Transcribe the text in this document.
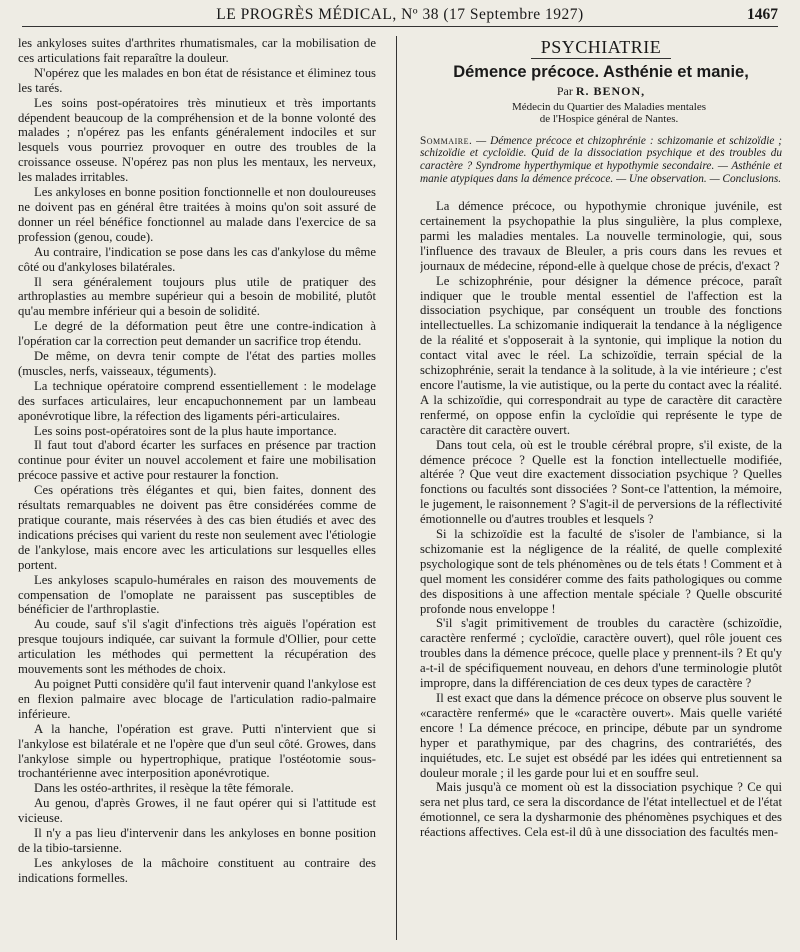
LE PROGRÈS MÉDICAL, Nº 38 (17 Septembre 1927)	1467

les ankyloses suites d'arthrites rhumatismales, car la mobilisation de ces articulations fait reparaître la douleur.

N'opérez que les malades en bon état de résistance et éliminez tous les tarés.

Les soins post-opératoires très minutieux et très importants dépendent beaucoup de la compréhension et de la bonne volonté des malades ; n'opérez pas les enfants généralement indociles et sur lesquels vous pourriez provoquer en outre des troubles de la croissance osseuse. N'opérez pas non plus les mentaux, les nerveux, les malades irritables.

Les ankyloses en bonne position fonctionnelle et non douloureuses ne doivent pas en général être traitées à moins qu'on soit assuré de donner un réel bénéfice fonctionnel au malade dans l'exercice de sa profession (genou, coude).

Au contraire, l'indication se pose dans les cas d'ankylose du même côté ou d'ankyloses bilatérales.

Il sera généralement toujours plus utile de pratiquer des arthroplasties au membre supérieur qui a besoin de mobilité, plutôt qu'au membre inférieur qui a besoin de solidité.

Le degré de la déformation peut être une contre-indication à l'opération car la correction peut demander un sacrifice trop étendu.

De même, on devra tenir compte de l'état des parties molles (muscles, nerfs, vaisseaux, téguments).

La technique opératoire comprend essentiellement : le modelage des surfaces articulaires, leur encapuchonnement par un lambeau aponévrotique libre, la réfection des ligaments péri-articulaires.

Les soins post-opératoires sont de la plus haute importance.

Il faut tout d'abord écarter les surfaces en présence par traction continue pour éviter un nouvel accolement et faire une mobilisation précoce passive et active pour restaurer la fonction.

Ces opérations très élégantes et qui, bien faites, donnent des résultats remarquables ne doivent pas être considérées comme de pratique courante, mais réservées à des cas bien étudiés et avec des indications précises qui varient du reste non seulement avec l'étiologie de l'ankylose, mais encore avec les articulations sur lesquelles elles portent.

Les ankyloses scapulo-humérales en raison des mouvements de compensation de l'omoplate ne paraissent pas susceptibles de bénéficier de l'arthroplastie.

Au coude, sauf s'il s'agit d'infections très aiguës l'opération est presque toujours indiquée, car suivant la formule d'Ollier, pour cette articulation les méthodes qui permettent la récupération des mouvements sont les méthodes de choix.

Au poignet Putti considère qu'il faut intervenir quand l'ankylose est en flexion palmaire avec blocage de l'articulation radio-palmaire inférieure.

A la hanche, l'opération est grave. Putti n'intervient que si l'ankylose est bilatérale et ne l'opère que d'un seul côté. Growes, dans l'ankylose simple ou hypertrophique, pratique l'ostéotomie sous-trochantérienne avec interposition aponévrotique.

Dans les ostéo-arthrites, il resèque la tête fémorale.

Au genou, d'après Growes, il ne faut opérer qui si l'attitude est vicieuse.

Il n'y a pas lieu d'intervenir dans les ankyloses en bonne position de la tibio-tarsienne.

Les ankyloses de la mâchoire constituent au contraire des indications formelles.

PSYCHIATRIE
Démence précoce. Asthénie et manie,
Par R. BENON,

Médecin du Quartier des Maladies mentales

de l'Hospice général de Nantes.

Sommaire. — Démence précoce et chizophrénie : schizomanie et schizoïdie ; schizoïdie et cycloïdie. Quid de la dissociation psychique et des troubles du caractère ? Syndrome hyperthymique et hypothymie secondaire. — Asthénie et manie atypiques dans la démence précoce. — Une observation. — Conclusions.

La démence précoce, ou hypothymie chronique juvénile, est certainement la psychopathie la plus singulière, la plus complexe, parmi les maladies mentales. La nouvelle terminologie, qui, sous l'influence des travaux de Bleuler, a pris cours dans les revues et journaux de médecine, répond-elle à quelque chose de précis, d'exact ?

Le schizophrénie, pour désigner la démence précoce, paraît indiquer que le trouble mental essentiel de l'affection est la dissociation psychique, par conséquent un trouble des fonctions intellectuelles. La schizomanie indiquerait la tendance à la négligence de la réalité et s'opposerait à la syntonie, qui implique la notion du contact vital avec le réel. La schizoïdie, terrain spécial de la schizophrénie, serait la tendance à la solitude, à la vie intérieure ; c'est encore l'autisme, la vie autistique, ou la perte du contact avec la réalité. A la schizoïdie, qui correspondrait au type de caractère dit caractère renfermé, on oppose enfin la cycloïdie qui représente le type de caractère dit caractère ouvert.

Dans tout cela, où est le trouble cérébral propre, s'il existe, de la démence précoce ? Quelle est la fonction intellectuelle modifiée, altérée ? Que veut dire exactement dissociation psychique ? Quelles fonctions ou facultés sont dissociées ? Sont-ce l'attention, la mémoire, le jugement, le raisonnement ? S'agit-il de perversions de la réflectivité émotionnelle ou d'autres troubles et lesquels ?

Si la schizoïdie est la faculté de s'isoler de l'ambiance, si la schizomanie est la négligence de la réalité, de quelle complexité psychologique sont de tels phénomènes ou de tels états ! Comment et à quel moment les considérer comme des faits pathologiques ou comme des dispositions à une affection mentale spéciale ? Quelle obscurité profonde nous enveloppe !

S'il s'agit primitivement de troubles du caractère (schizoïdie, caractère renfermé ; cycloïdie, caractère ouvert), quel rôle jouent ces troubles dans la démence précoce, quelle place y prennent-ils ? Et qu'y a-t-il de spécifiquement nouveau, en dehors d'une terminologie plutôt impropre, dans la différenciation de ces deux types de caractère ?

Il est exact que dans la démence précoce on observe plus souvent le «caractère renfermé» que le «caractère ouvert». Mais quelle variété encore ! La démence précoce, en principe, débute par un syndrome hyper et parathymique, par des chagrins, des contrariétés, des inquiétudes, etc. Le sujet est obsédé par les idées qui entretiennent sa douleur morale ; il les garde pour lui et en souffre seul.

Mais jusqu'à ce moment où est la dissociation psychique ? Ce qui sera net plus tard, ce sera la discordance de l'état intellectuel et de l'état émotionnel, ce sera la dysharmonie des phénomènes psychiques et des réactions affectives. Cela est-il dû à une dissociation des facultés men-
